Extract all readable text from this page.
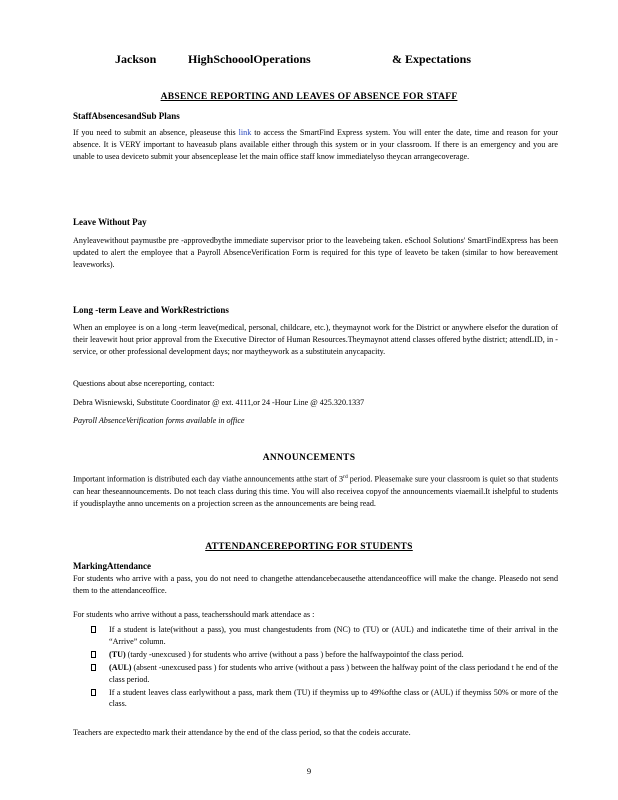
Jackson	HighSchooolOperations	& Expectations
ABSENCE REPORTING AND LEAVES OF ABSENCE FOR STAFF
StaffAbsencesandSub Plans
If you need to submit an absence, pleaseuse this link to access the SmartFind Express system. You will enter the date, time and reason for your absence. It is VERY important to haveasub plans available either through this system or in your classroom. If there is an emergency and you are unable to usea deviceto submit your absenceplease let the main office staff know immediatelyso theycan arrangecoverage.
Leave Without Pay
Anyleavewithout paymustbe pre -approvedbythe immediate supervisor prior to the leavebeing taken. eSchool Solutions' SmartFindExpress has been updated to alert the employee that a Payroll AbsenceVerification Form is required for this type of leaveto be taken (similar to how bereavement leaveworks).
Long -term Leave and WorkRestrictions
When an employee is on a long -term leave(medical, personal, childcare, etc.), theymaynot work for the District or anywhere elsefor the duration of their leavewit hout prior approval from the Executive Director of Human Resources.Theymaynot attend classes offered bythe district; attendLID, in -service, or other professional development days; nor maytheywork as a substitutein anycapacity.
Questions about abse ncereporting, contact:
Debra Wisniewski, Substitute Coordinator @ ext. 4111,or 24 -Hour Line @ 425.320.1337
Payroll AbsenceVerification forms available in office
ANNOUNCEMENTS
Important information is distributed each day viathe announcements atthe start of 3rd period. Pleasemake sure your classroom is quiet so that students can hear theseannouncements. Do not teach class during this time. You will also receivea copyof the announcements viaemail.It ishelpful to students if youdisplaythe anno uncements on a projection screen as the announcements are being read.
ATTENDANCEREPORTING FOR STUDENTS
MarkingAttendance
For students who arrive with a pass, you do not need to changethe attendancebecausethe attendanceoffice will make the change. Pleasedo not send them to the attendanceoffice.
For students who arrive without a pass, teachersshould mark attendace as :
If a student is late(without a pass), you must changestudents from (NC) to (TU) or (AUL) and indicatethe time of their arrival in the “Arrive” column.
(TU) (tardy -unexcused ) for students who arrive (without a pass ) before the halfwaypointof the class period.
(AUL) (absent -unexcused pass ) for students who arrive (without a pass ) between the halfway point of the class periodand t he end of the class period.
If a student leaves class earlywithout a pass, mark them (TU) if theymiss up to 49%ofthe class or (AUL) if theymiss 50% or more of the class.
Teachers are expectedto mark their attendance by the end of the class period, so that the codeis accurate.
9
